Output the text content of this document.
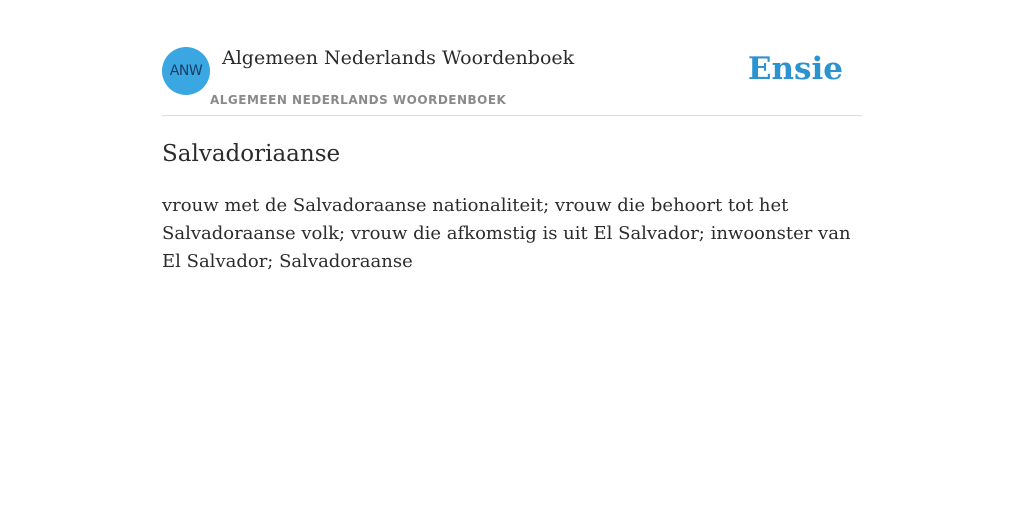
ANW
Algemeen Nederlands Woordenboek
ALGEMEEN NEDERLANDS WOORDENBOEK
Ensie
Salvadoriaanse

vrouw met de Salvadoraanse nationaliteit; vrouw die behoort tot het Salvadoraanse volk; vrouw die afkomstig is uit El Salvador; inwoonster van El Salvador; Salvadoraanse
